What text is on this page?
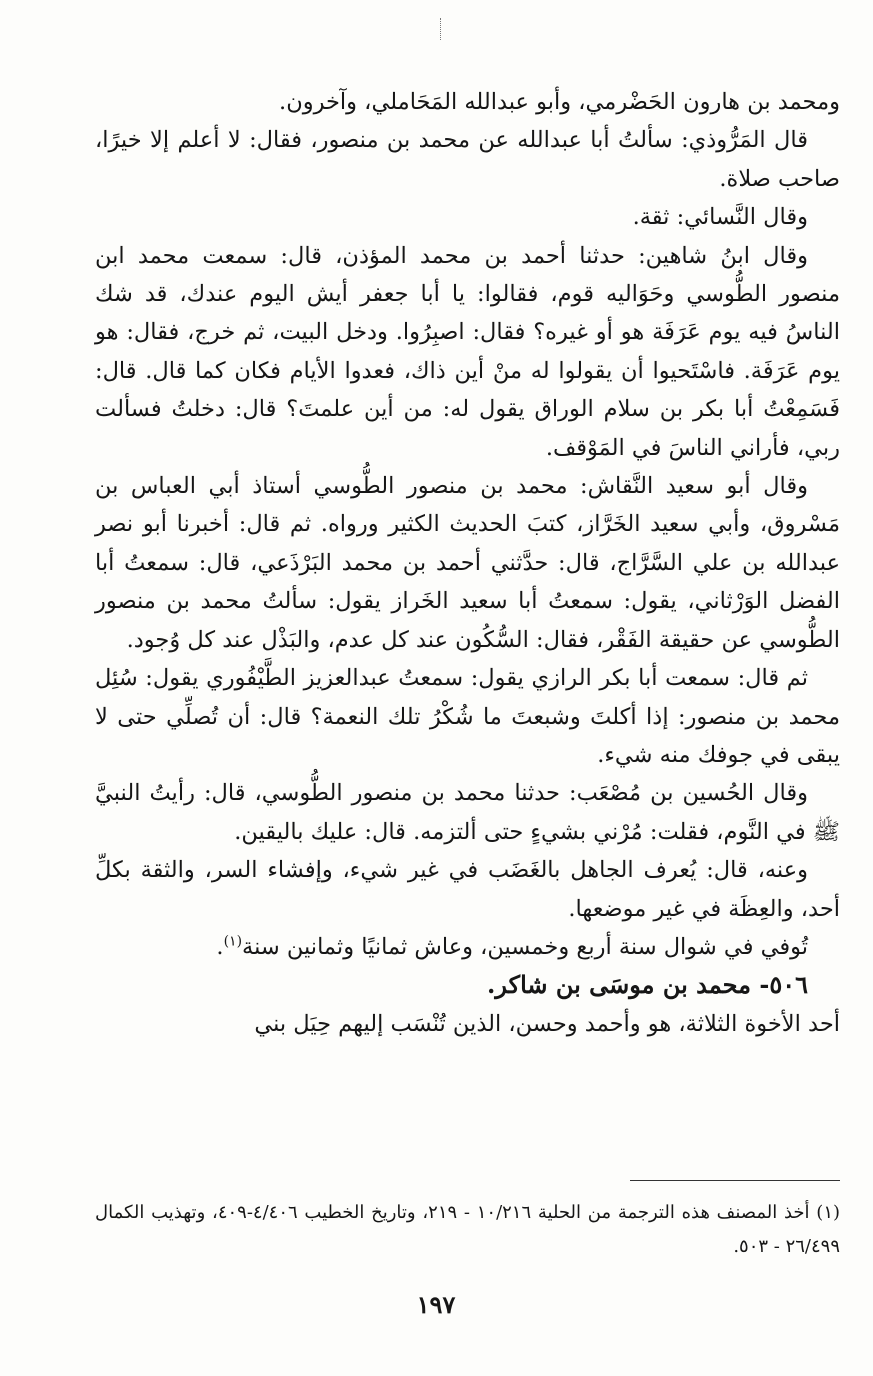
ومحمد بن هارون الحَضْرمي، وأبو عبدالله المَحَاملي، وآخرون.

قال المَرُّوذي: سألتُ أبا عبدالله عن محمد بن منصور، فقال: لا أعلم إلا خيرًا، صاحب صلاة.

وقال النَّسائي: ثقة.

وقال ابنُ شاهين: حدثنا أحمد بن محمد المؤذن، قال: سمعت محمد ابن منصور الطُّوسي وحَوَاليه قوم، فقالوا: يا أبا جعفر أيش اليوم عندك، قد شك الناسُ فيه يوم عَرَفَة هو أو غيره؟ فقال: اصبِرُوا. ودخل البيت، ثم خرج، فقال: هو يوم عَرَفَة. فاسْتَحيوا أن يقولوا له منْ أين ذاك، فعدوا الأيام فكان كما قال. قال: فَسَمِعْتُ أبا بكر بن سلام الوراق يقول له: من أين علمتَ؟ قال: دخلتُ فسألت ربي، فأراني الناسَ في المَوْقف.

وقال أبو سعيد النَّقاش: محمد بن منصور الطُّوسي أستاذ أبي العباس بن مَسْروق، وأبي سعيد الخَرَّاز، كتبَ الحديث الكثير ورواه. ثم قال: أخبرنا أبو نصر عبدالله بن علي السَّرَّاج، قال: حدَّثني أحمد بن محمد البَرْذَعي، قال: سمعتُ أبا الفضل الوَرْثاني، يقول: سمعتُ أبا سعيد الخَراز يقول: سألتُ محمد بن منصور الطُّوسي عن حقيقة الفَقْر، فقال: السُّكُون عند كل عدم، والبَذْل عند كل وُجود.

ثم قال: سمعت أبا بكر الرازي يقول: سمعتُ عبدالعزيز الطَّيْفُوري يقول: سُئِل محمد بن منصور: إذا أكلتَ وشبعتَ ما شُكْرُ تلك النعمة؟ قال: أن تُصلِّي حتى لا يبقى في جوفك منه شيء.

وقال الحُسين بن مُصْعَب: حدثنا محمد بن منصور الطُّوسي، قال: رأيتُ النبيَّ ﷺ في النَّوم، فقلت: مُرْني بشيءٍ حتى ألتزمه. قال: عليك باليقين.

وعنه، قال: يُعرف الجاهل بالغَضَب في غير شيء، وإفشاء السر، والثقة بكلِّ أحد، والعِظَة في غير موضعها.

تُوفي في شوال سنة أربع وخمسين، وعاش ثمانيًا وثمانين سنة$^{(١)}$.

٥٠٦- محمد بن موسَى بن شاكر.

أحد الأخوة الثلاثة، هو وأحمد وحسن، الذين تُنْسَب إليهم حِيَل بني

(١) أخذ المصنف هذه الترجمة من الحلية ١٠/٢١٦ - ٢١٩، وتاريخ الخطيب ٤/٤٠٦-٤٠٩، وتهذيب الكمال ٢٦/٤٩٩ - ٥٠٣.

١٩٧
